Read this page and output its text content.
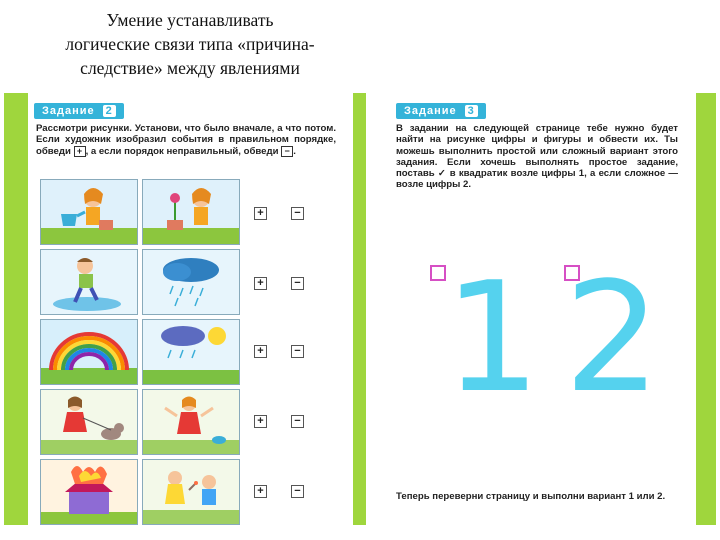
Умение устанавливать
логические связи типа «причина-
следствие» между явлениями
Задание 2
Рассмотри рисунки. Установи, что было вначале, а что потом. Если художник изобразил события в правильном порядке, обведи + , а если порядок неправильный, обведи − .
+	−
+	−
+	−
+	−
+	−
Задание 3
В задании на следующей странице тебе нужно будет найти на рисунке цифры и фигуры и обвести их. Ты можешь выполнить простой или сложный вариант этого задания. Если хочешь выполнять простое задание, поставь ✓ в квадратик возле цифры 1, а если сложное — возле цифры 2.
1 2
Теперь переверни страницу и выполни вариант 1 или 2.
